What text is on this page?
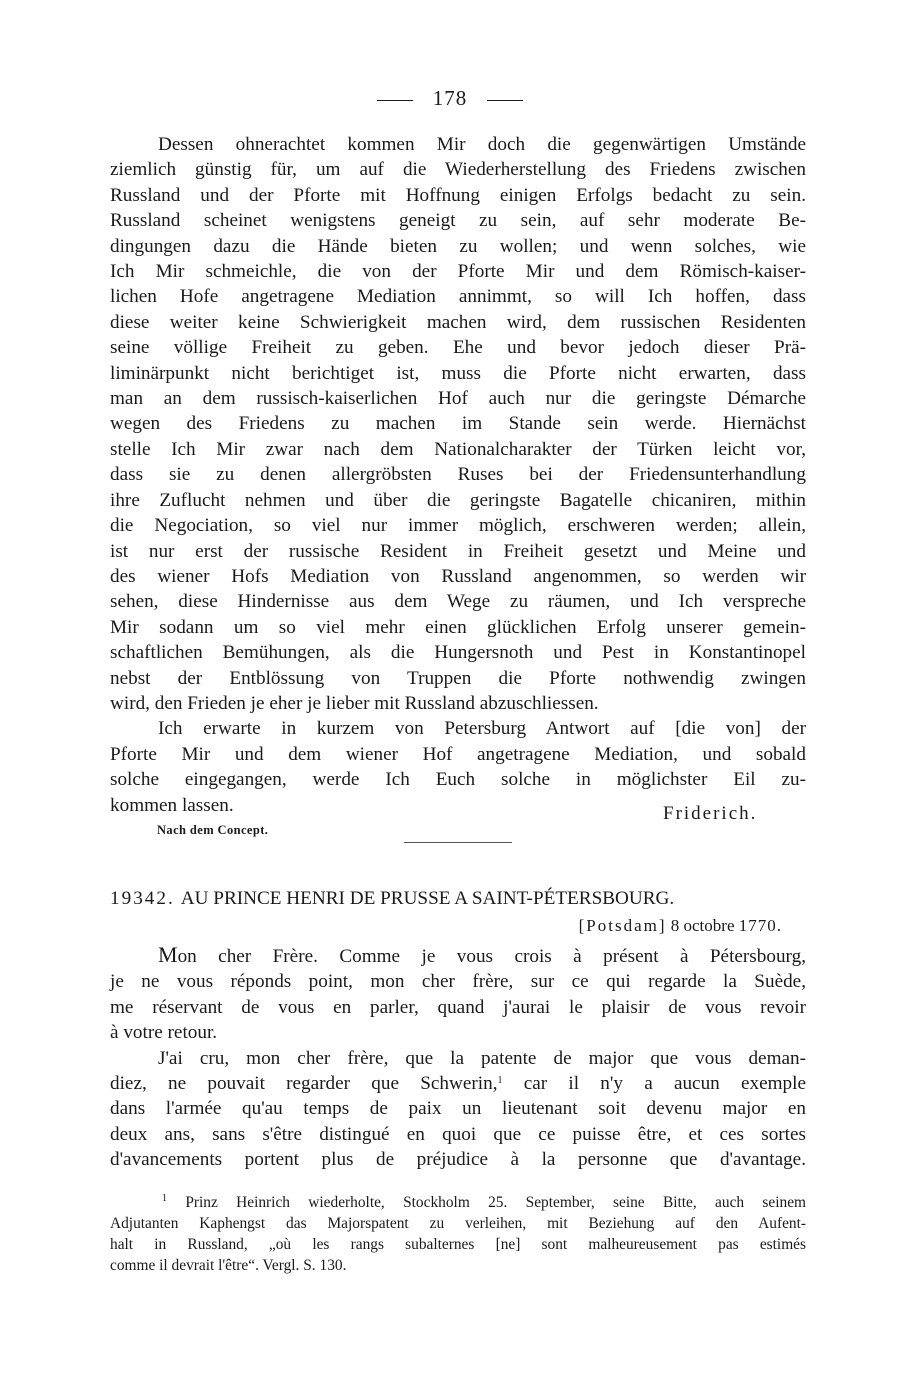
178

Dessen ohnerachtet kommen Mir doch die gegenwärtigen Umstände

ziemlich günstig für, um auf die Wiederherstellung des Friedens zwischen

Russland und der Pforte mit Hoffnung einigen Erfolgs bedacht zu sein.

Russland scheinet wenigstens geneigt zu sein, auf sehr moderate Be-

dingungen dazu die Hände bieten zu wollen; und wenn solches, wie

Ich Mir schmeichle, die von der Pforte Mir und dem Römisch-kaiser-

lichen Hofe angetragene Mediation annimmt, so will Ich hoffen, dass

diese weiter keine Schwierigkeit machen wird, dem russischen Residenten

seine völlige Freiheit zu geben. Ehe und bevor jedoch dieser Prä-

liminärpunkt nicht berichtiget ist, muss die Pforte nicht erwarten, dass

man an dem russisch-kaiserlichen Hof auch nur die geringste Démarche

wegen des Friedens zu machen im Stande sein werde. Hiernächst

stelle Ich Mir zwar nach dem Nationalcharakter der Türken leicht vor,

dass sie zu denen allergröbsten Ruses bei der Friedensunterhandlung

ihre Zuflucht nehmen und über die geringste Bagatelle chicaniren, mithin

die Negociation, so viel nur immer möglich, erschweren werden; allein,

ist nur erst der russische Resident in Freiheit gesetzt und Meine und

des wiener Hofs Mediation von Russland angenommen, so werden wir

sehen, diese Hindernisse aus dem Wege zu räumen, und Ich verspreche

Mir sodann um so viel mehr einen glücklichen Erfolg unserer gemein-

schaftlichen Bemühungen, als die Hungersnoth und Pest in Konstantinopel

nebst der Entblössung von Truppen die Pforte nothwendig zwingen

wird, den Frieden je eher je lieber mit Russland abzuschliessen.

Ich erwarte in kurzem von Petersburg Antwort auf [die von] der

Pforte Mir und dem wiener Hof angetragene Mediation, und sobald

solche eingegangen, werde Ich Euch solche in möglichster Eil zu-

kommen lassen.	Friderich.
Nach dem Concept.
19342. AU PRINCE HENRI DE PRUSSE A SAINT-PÉTERSBOURG.
[Potsdam] 8 octobre 1770.

Mon cher Frère. Comme je vous crois à présent à Pétersbourg,

je ne vous réponds point, mon cher frère, sur ce qui regarde la Suède,

me réservant de vous en parler, quand j'aurai le plaisir de vous revoir

à votre retour.

J'ai cru, mon cher frère, que la patente de major que vous deman-

diez, ne pouvait regarder que Schwerin,$^1$ car il n'y a aucun exemple

dans l'armée qu'au temps de paix un lieutenant soit devenu major en

deux ans, sans s'être distingué en quoi que ce puisse être, et ces sortes

d'avancements portent plus de préjudice à la personne que d'avantage.

$^1$ Prinz Heinrich wiederholte, Stockholm 25. September, seine Bitte, auch seinem

Adjutanten Kaphengst das Majorspatent zu verleihen, mit Beziehung auf den Aufent-

halt in Russland, „où les rangs subalternes [ne] sont malheureusement pas estimés

comme il devrait l'être“. Vergl. S. 130.
